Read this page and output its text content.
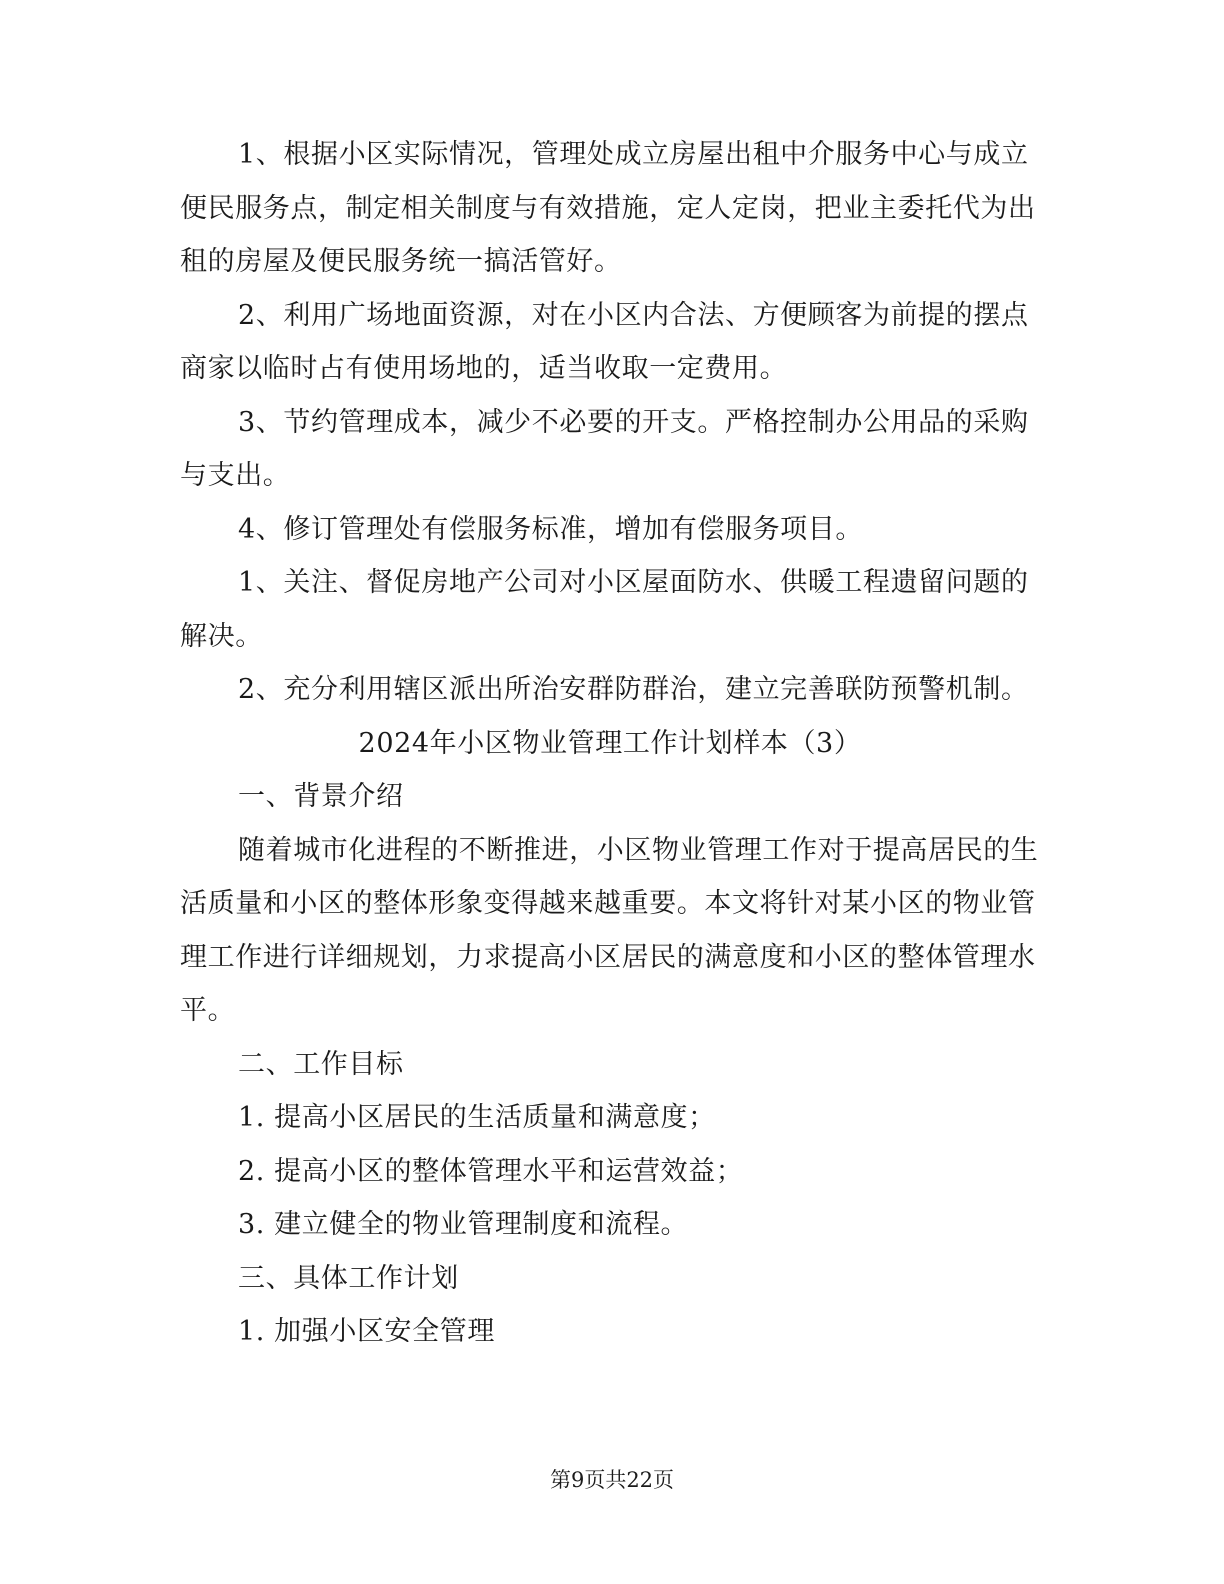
1、根据小区实际情况，管理处成立房屋出租中介服务中心与成立便民服务点，制定相关制度与有效措施，定人定岗，把业主委托代为出租的房屋及便民服务统一搞活管好。

2、利用广场地面资源，对在小区内合法、方便顾客为前提的摆点商家以临时占有使用场地的，适当收取一定费用。

3、节约管理成本，减少不必要的开支。严格控制办公用品的采购与支出。

4、修订管理处有偿服务标准，增加有偿服务项目。

1、关注、督促房地产公司对小区屋面防水、供暖工程遗留问题的解决。

2、充分利用辖区派出所治安群防群治，建立完善联防预警机制。

2024年小区物业管理工作计划样本（3）

一、背景介绍

随着城市化进程的不断推进，小区物业管理工作对于提高居民的生活质量和小区的整体形象变得越来越重要。本文将针对某小区的物业管理工作进行详细规划，力求提高小区居民的满意度和小区的整体管理水平。

二、工作目标

1. 提高小区居民的生活质量和满意度；

2. 提高小区的整体管理水平和运营效益；

3. 建立健全的物业管理制度和流程。

三、具体工作计划

1. 加强小区安全管理

第9页共22页
